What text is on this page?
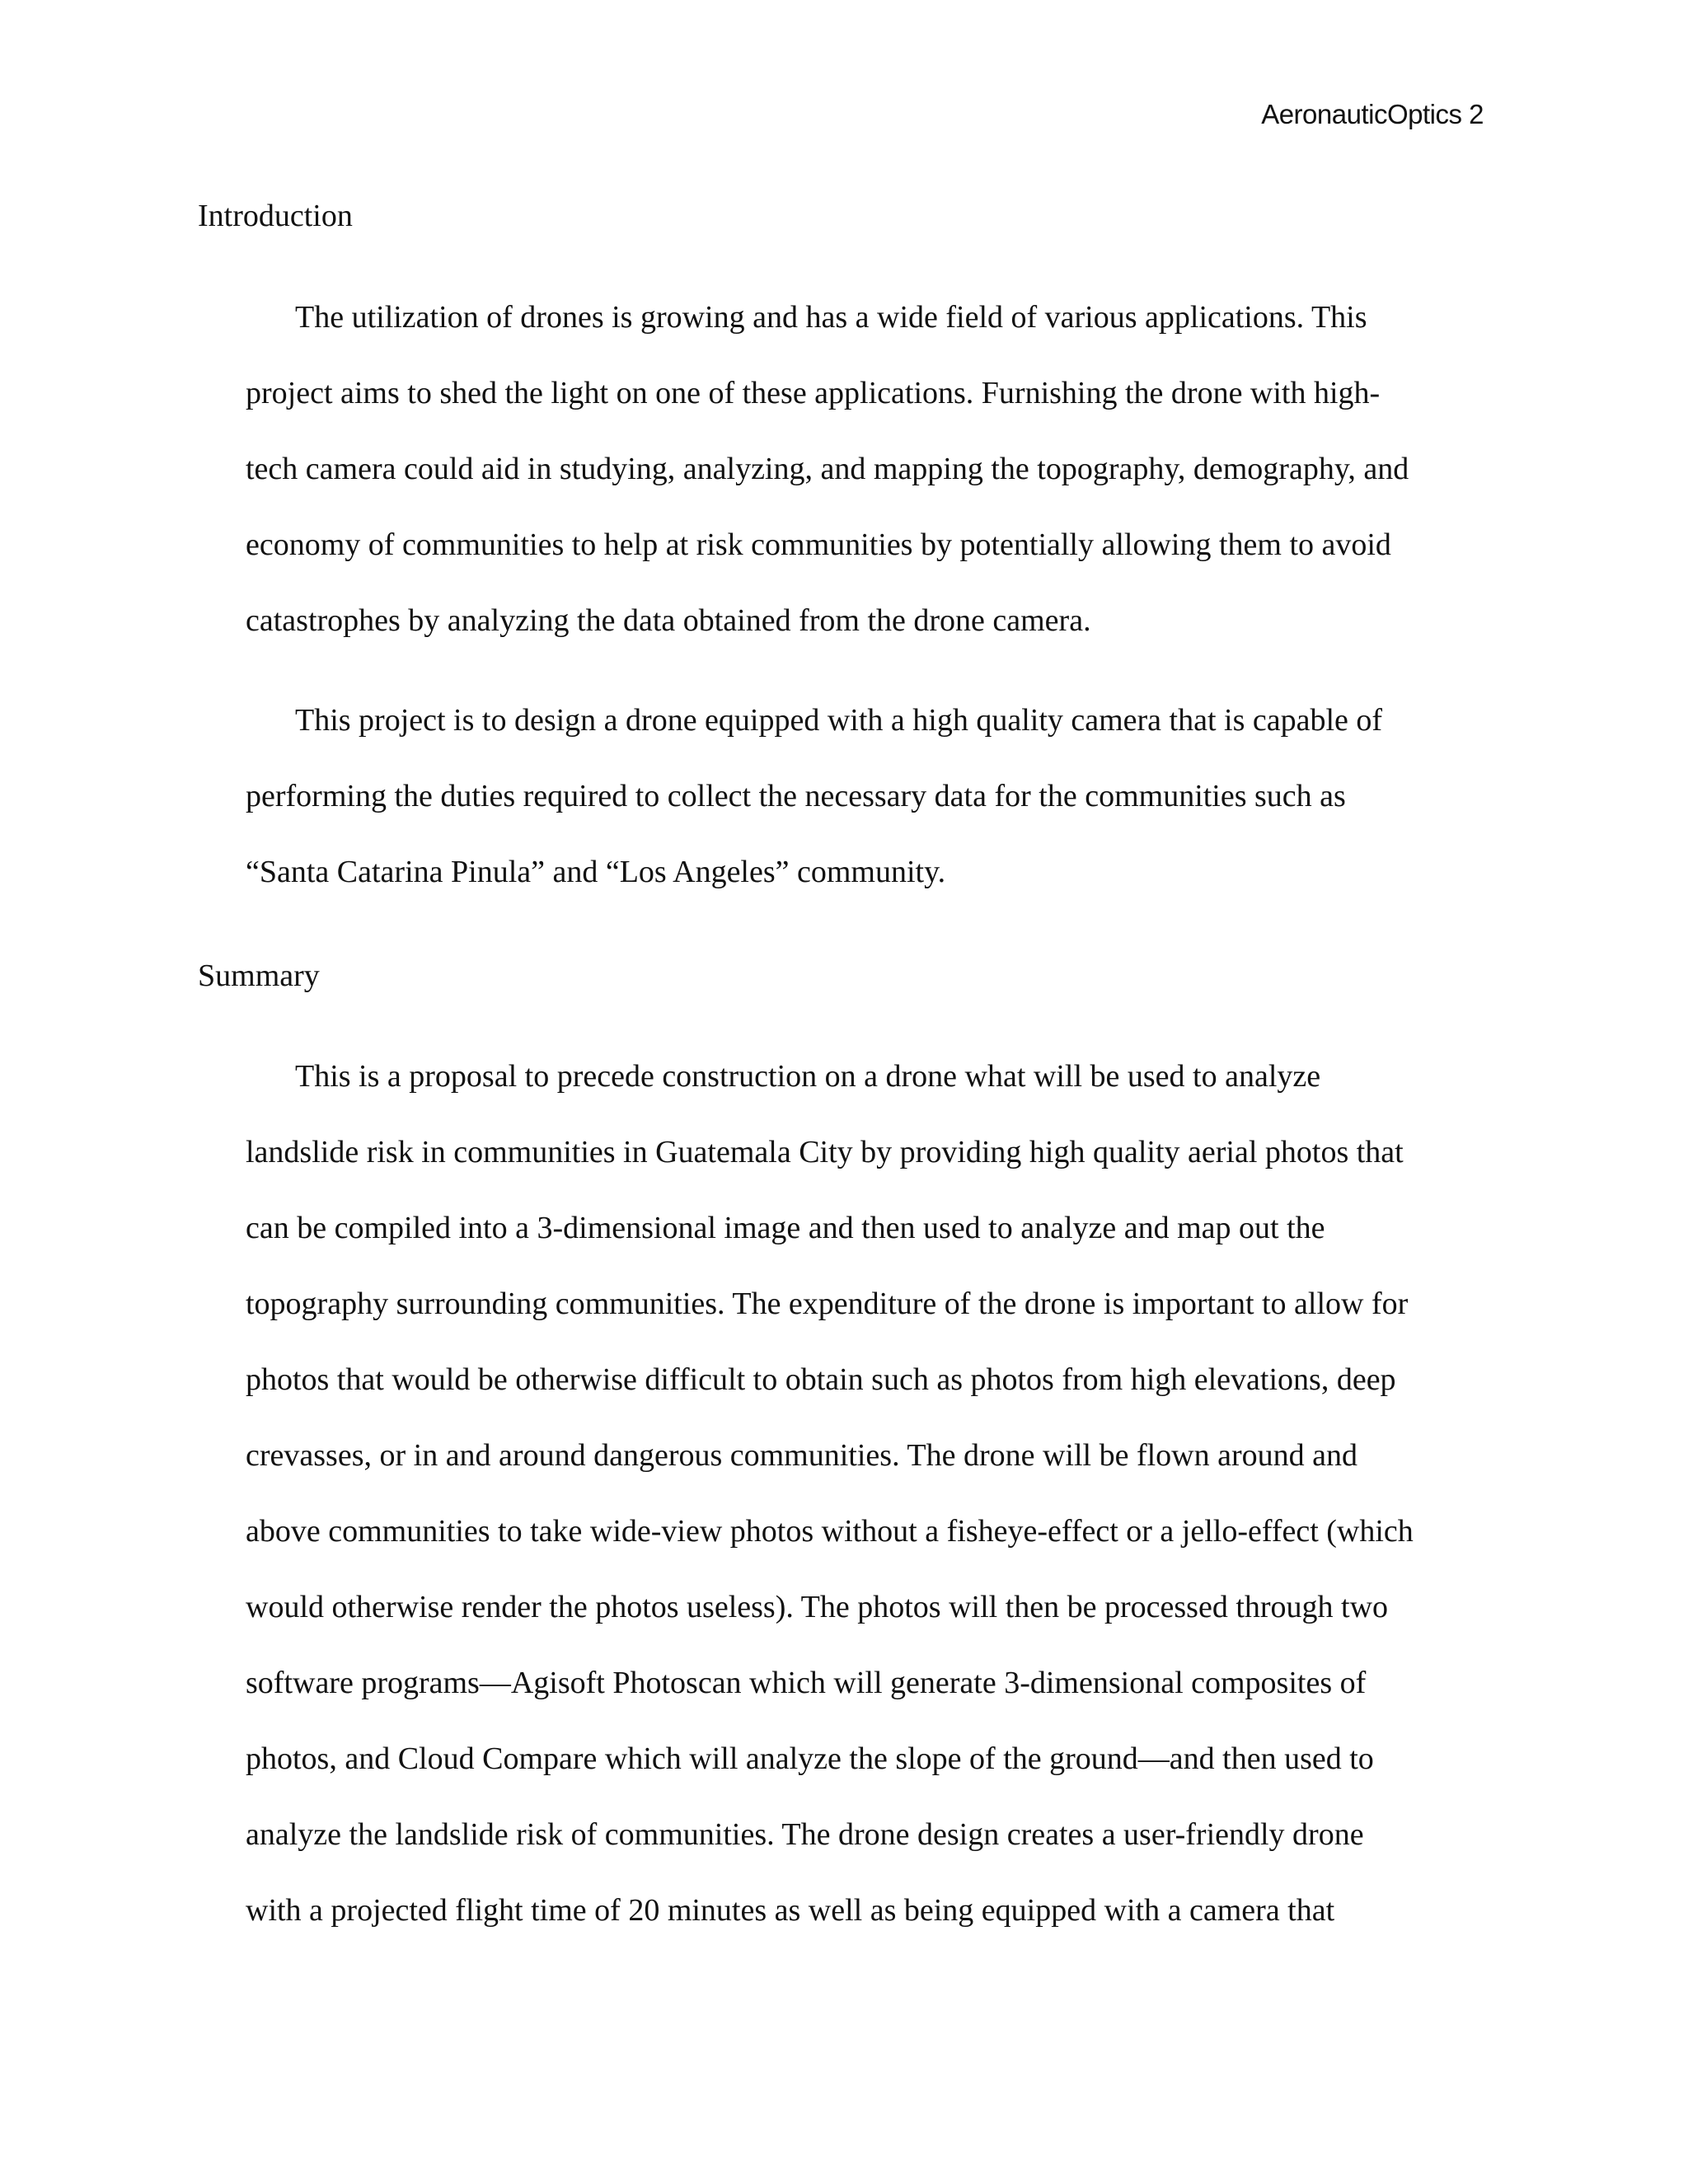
AeronauticOptics 2
Introduction
The utilization of drones is growing and has a wide field of various applications. This
project aims to shed the light on one of these applications. Furnishing the drone with high-
tech camera could aid in studying, analyzing, and mapping the topography, demography, and
economy of communities to help at risk communities by potentially allowing them to avoid
catastrophes by analyzing the data obtained from the drone camera.
This project is to design a drone equipped with a high quality camera that is capable of
performing the duties required to collect the necessary data for the communities such as
“Santa Catarina Pinula” and “Los Angeles” community.
Summary
This is a proposal to precede construction on a drone what will be used to analyze
landslide risk in communities in Guatemala City by providing high quality aerial photos that
can be compiled into a 3-dimensional image and then used to analyze and map out the
topography surrounding communities. The expenditure of the drone is important to allow for
photos that would be otherwise difficult to obtain such as photos from high elevations, deep
crevasses, or in and around dangerous communities. The drone will be flown around and
above communities to take wide-view photos without a fisheye-effect or a jello-effect (which
would otherwise render the photos useless). The photos will then be processed through two
software programs—Agisoft Photoscan which will generate 3-dimensional composites of
photos, and Cloud Compare which will analyze the slope of the ground—and then used to
analyze the landslide risk of communities. The drone design creates a user-friendly drone
with a projected flight time of 20 minutes as well as being equipped with a camera that
